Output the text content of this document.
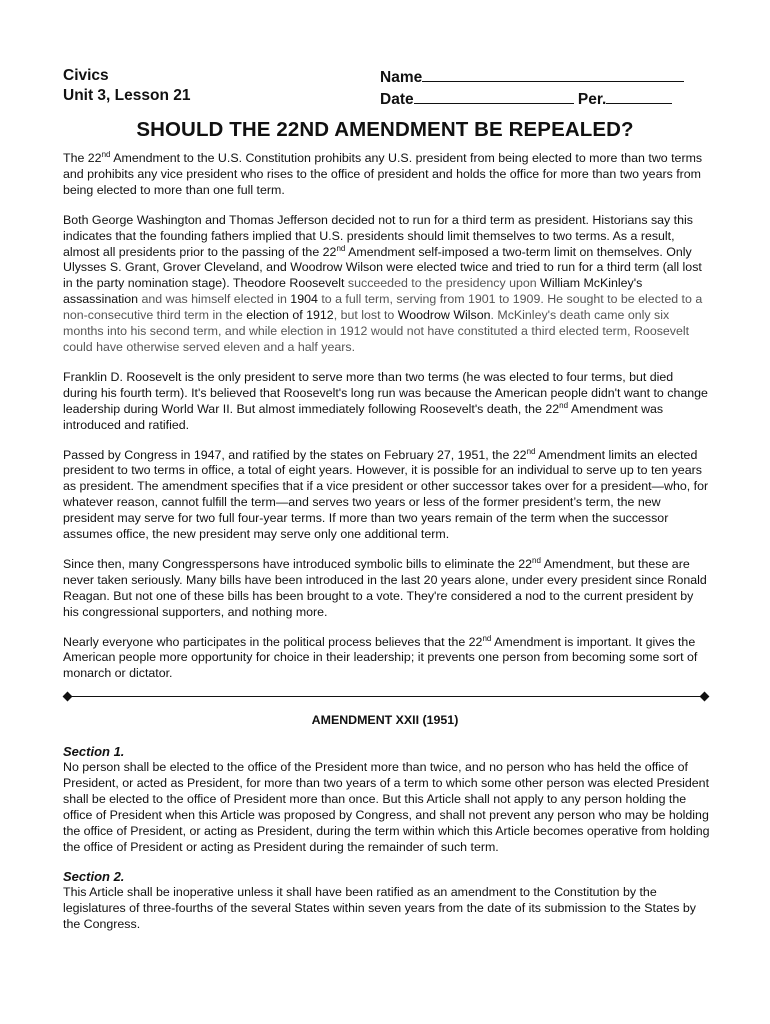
Civics
Unit 3, Lesson 21
Name
Date	Per.
SHOULD THE 22ND AMENDMENT BE REPEALED?

The 22nd Amendment to the U.S. Constitution prohibits any U.S. president from being elected to more than two terms and prohibits any vice president who rises to the office of president and holds the office for more than two years from being elected to more than one full term.

Both George Washington and Thomas Jefferson decided not to run for a third term as president. Historians say this indicates that the founding fathers implied that U.S. presidents should limit themselves to two terms. As a result, almost all presidents prior to the passing of the 22nd Amendment self-imposed a two-term limit on themselves. Only Ulysses S. Grant, Grover Cleveland, and Woodrow Wilson were elected twice and tried to run for a third term (all lost in the party nomination stage). Theodore Roosevelt succeeded to the presidency upon William McKinley's assassination and was himself elected in 1904 to a full term, serving from 1901 to 1909. He sought to be elected to a non-consecutive third term in the election of 1912, but lost to Woodrow Wilson. McKinley's death came only six months into his second term, and while election in 1912 would not have constituted a third elected term, Roosevelt could have otherwise served eleven and a half years.

Franklin D. Roosevelt is the only president to serve more than two terms (he was elected to four terms, but died during his fourth term). It's believed that Roosevelt's long run was because the American people didn't want to change leadership during World War II. But almost immediately following Roosevelt's death, the 22nd Amendment was introduced and ratified.

Passed by Congress in 1947, and ratified by the states on February 27, 1951, the 22nd Amendment limits an elected president to two terms in office, a total of eight years. However, it is possible for an individual to serve up to ten years as president. The amendment specifies that if a vice president or other successor takes over for a president—who, for whatever reason, cannot fulfill the term—and serves two years or less of the former president’s term, the new president may serve for two full four-year terms. If more than two years remain of the term when the successor assumes office, the new president may serve only one additional term.

Since then, many Congresspersons have introduced symbolic bills to eliminate the 22nd Amendment, but these are never taken seriously. Many bills have been introduced in the last 20 years alone, under every president since Ronald Reagan. But not one of these bills has been brought to a vote. They're considered a nod to the current president by his congressional supporters, and nothing more.

Nearly everyone who participates in the political process believes that the 22nd Amendment is important. It gives the American people more opportunity for choice in their leadership; it prevents one person from becoming some sort of monarch or dictator.

AMENDMENT XXII (1951)
Section 1.

No person shall be elected to the office of the President more than twice, and no person who has held the office of President, or acted as President, for more than two years of a term to which some other person was elected President shall be elected to the office of President more than once. But this Article shall not apply to any person holding the office of President when this Article was proposed by Congress, and shall not prevent any person who may be holding the office of President, or acting as President, during the term within which this Article becomes operative from holding the office of President or acting as President during the remainder of such term.

Section 2.

This Article shall be inoperative unless it shall have been ratified as an amendment to the Constitution by the legislatures of three-fourths of the several States within seven years from the date of its submission to the States by the Congress.
